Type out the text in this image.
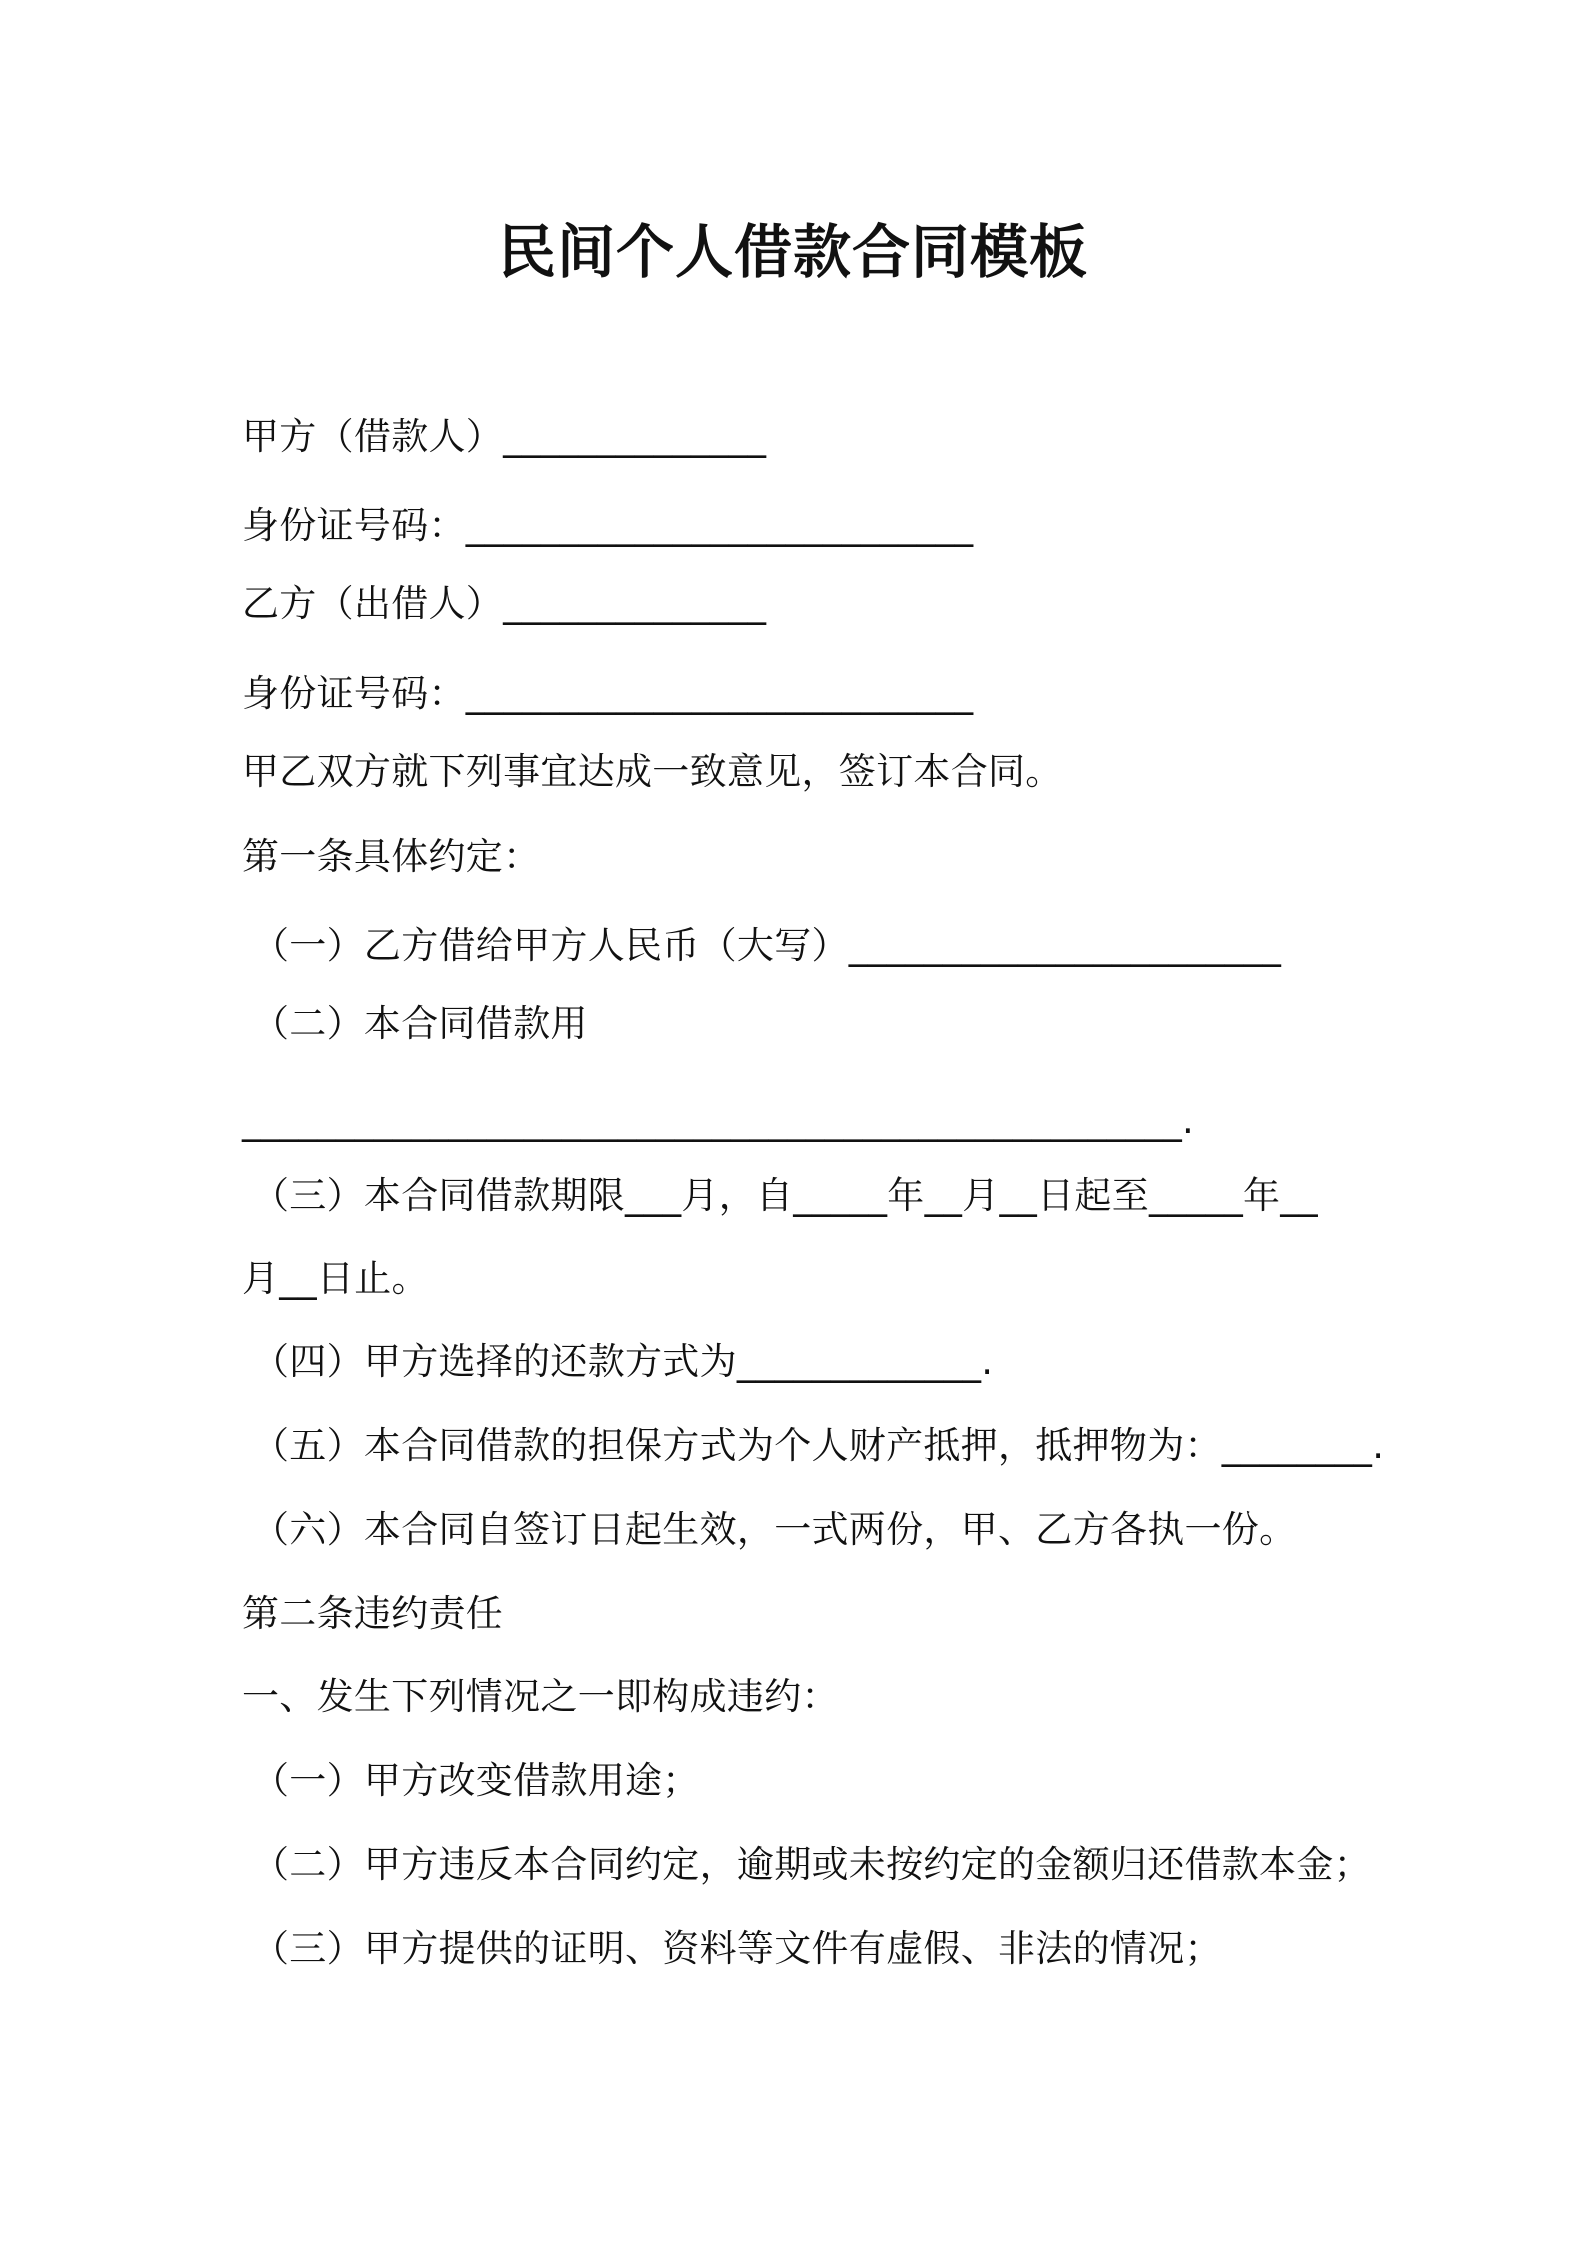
民间个人借款合同模板
甲方（借款人）______________
身份证号码：___________________________
乙方（出借人）______________
身份证号码：___________________________
甲乙双方就下列事宜达成一致意见，签订本合同。
第一条具体约定：
（一）乙方借给甲方人民币（大写）_______________________
（二）本合同借款用
__________________________________________________.
（三）本合同借款期限___月，自_____年__月__日起至_____年__
月__日止。
（四）甲方选择的还款方式为_____________.
（五）本合同借款的担保方式为个人财产抵押，抵押物为：________.
（六）本合同自签订日起生效，一式两份，甲、乙方各执一份。
第二条违约责任
一、发生下列情况之一即构成违约：
（一）甲方改变借款用途；
（二）甲方违反本合同约定，逾期或未按约定的金额归还借款本金；
（三）甲方提供的证明、资料等文件有虚假、非法的情况；
